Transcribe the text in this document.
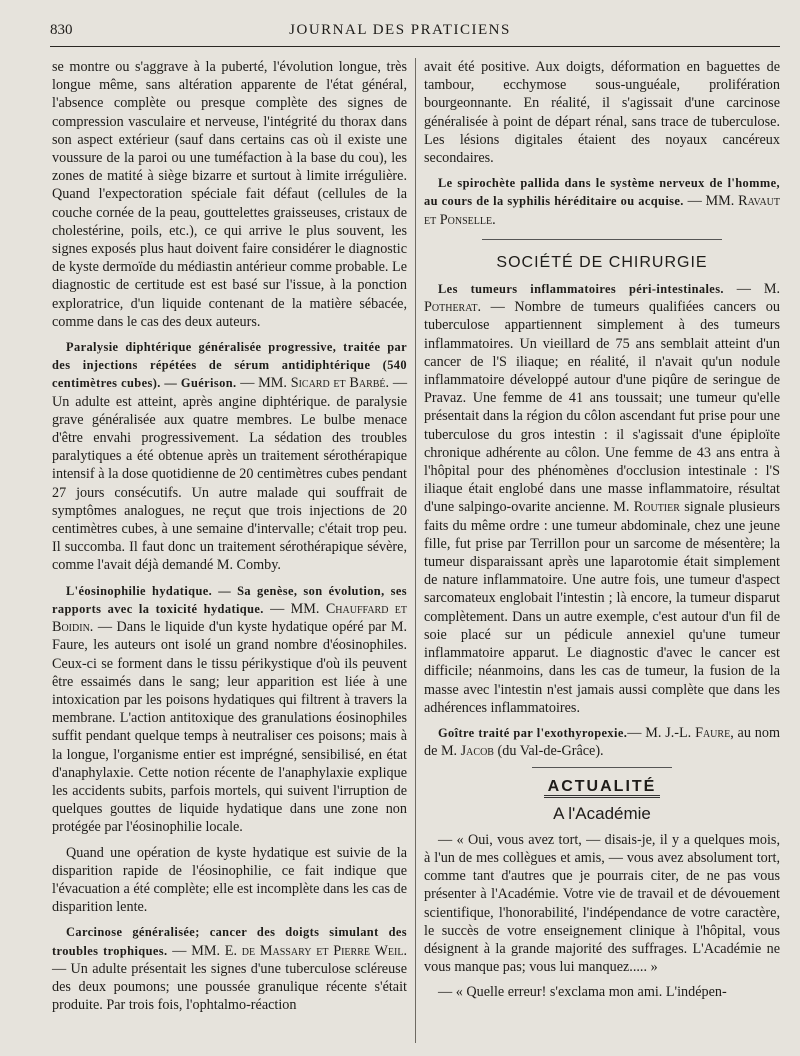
830	JOURNAL DES PRATICIENS

se montre ou s'aggrave à la puberté, l'évolution longue, très longue même, sans altération apparente de l'état général, l'absence complète ou presque complète des signes de compression vasculaire et nerveuse, l'intégrité du thorax dans son aspect extérieur (sauf dans certains cas où il existe une voussure de la paroi ou une tuméfaction à la base du cou), les zones de matité à siège bizarre et surtout à limite irrégulière. Quand l'expectoration spéciale fait défaut (cellules de la couche cornée de la peau, gouttelettes graisseuses, cristaux de cholestérine, poils, etc.), ce qui arrive le plus souvent, les signes exposés plus haut doivent faire considérer le diagnostic de kyste dermoïde du médiastin antérieur comme probable. Le diagnostic de certitude est est basé sur l'issue, à la ponction exploratrice, d'un liquide contenant de la matière sébacée, comme dans le cas des deux auteurs.

Paralysie diphtérique généralisée progressive, traitée par des injections répétées de sérum antidiphtérique (540 centimètres cubes). — Guérison. — MM. Sicard et Barbé. — Un adulte est atteint, après angine diphtérique. de paralysie grave généralisée aux quatre membres. Le bulbe menace d'être envahi progressivement. La sédation des troubles paralytiques a été obtenue après un traitement sérothérapique intensif à la dose quotidienne de 20 centimètres cubes pendant 27 jours consécutifs. Un autre malade qui souffrait de symptômes analogues, ne reçut que trois injections de 20 centimètres cubes, à une semaine d'intervalle; c'était trop peu. Il succomba. Il faut donc un traitement sérothérapique sévère, comme l'avait déjà demandé M. Comby.

L'éosinophilie hydatique. — Sa genèse, son évolution, ses rapports avec la toxicité hydatique. — MM. Chauffard et Boidin. — Dans le liquide d'un kyste hydatique opéré par M. Faure, les auteurs ont isolé un grand nombre d'éosinophiles. Ceux-ci se forment dans le tissu périkystique d'où ils peuvent être essaimés dans le sang; leur apparition est liée à une intoxication par les poisons hydatiques qui filtrent à travers la membrane. L'action antitoxique des granulations éosinophiles suffit pendant quelque temps à neutraliser ces poisons; mais à la longue, l'organisme entier est imprégné, sensibilisé, en état d'anaphylaxie. Cette notion récente de l'anaphylaxie explique les accidents subits, parfois mortels, qui suivent l'irruption de quelques gouttes de liquide hydatique dans une zone non protégée par l'éosinophilie locale.

Quand une opération de kyste hydatique est suivie de la disparition rapide de l'éosinophilie, ce fait indique que l'évacuation a été complète; elle est incomplète dans les cas de disparition lente.

Carcinose généralisée; cancer des doigts simulant des troubles trophiques. — MM. E. de Massary et Pierre Weil. — Un adulte présentait les signes d'une tuberculose scléreuse des deux poumons; une poussée granulique récente s'était produite. Par trois fois, l'ophtalmo-réaction

avait été positive. Aux doigts, déformation en baguettes de tambour, ecchymose sous-unguéale, prolifération bourgeonnante. En réalité, il s'agissait d'une carcinose généralisée à point de départ rénal, sans trace de tuberculose. Les lésions digitales étaient des noyaux cancéreux secondaires.

Le spirochète pallida dans le système nerveux de l'homme, au cours de la syphilis héréditaire ou acquise. — MM. Ravaut et Ponselle.

SOCIÉTÉ DE CHIRURGIE

Les tumeurs inflammatoires péri-intestinales. — M. Potherat. — Nombre de tumeurs qualifiées cancers ou tuberculose appartiennent simplement à des tumeurs inflammatoires. Un vieillard de 75 ans semblait atteint d'un cancer de l'S iliaque; en réalité, il n'avait qu'un nodule inflammatoire développé autour d'une piqûre de seringue de Pravaz. Une femme de 41 ans toussait; une tumeur qu'elle présentait dans la région du côlon ascendant fut prise pour une tuberculose du gros intestin : il s'agissait d'une épiploïte chronique adhérente au côlon. Une femme de 43 ans entra à l'hôpital pour des phénomènes d'occlusion intestinale : l'S iliaque était englobé dans une masse inflammatoire, résultat d'une salpingo-ovarite ancienne. M. Routier signale plusieurs faits du même ordre : une tumeur abdominale, chez une jeune fille, fut prise par Terrillon pour un sarcome de mésentère; la tumeur disparaissant après une laparotomie était simplement de nature inflammatoire. Une autre fois, une tumeur d'aspect sarcomateux englobait l'intestin ; là encore, la tumeur disparut complètement. Dans un autre exemple, c'est autour d'un fil de soie placé sur un pédicule annexiel qu'une tumeur inflammatoire apparut. Le diagnostic d'avec le cancer est difficile; néanmoins, dans les cas de tumeur, la fusion de la masse avec l'intestin n'est jamais aussi complète que dans les adhérences inflammatoires.

Goître traité par l'exothyropexie.— M. J.-L. Faure, au nom de M. Jacob (du Val-de-Grâce).

ACTUALITÉ
A l'Académie

— « Oui, vous avez tort, — disais-je, il y a quelques mois, à l'un de mes collègues et amis, — vous avez absolument tort, comme tant d'autres que je pourrais citer, de ne pas vous présenter à l'Académie. Votre vie de travail et de dévouement scientifique, l'honorabilité, l'indépendance de votre caractère, le succès de votre enseignement clinique à l'hôpital, vous désignent à la grande majorité des suffrages. L'Académie ne vous manque pas; vous lui manquez..... »

— « Quelle erreur! s'exclama mon ami. L'indépen-
